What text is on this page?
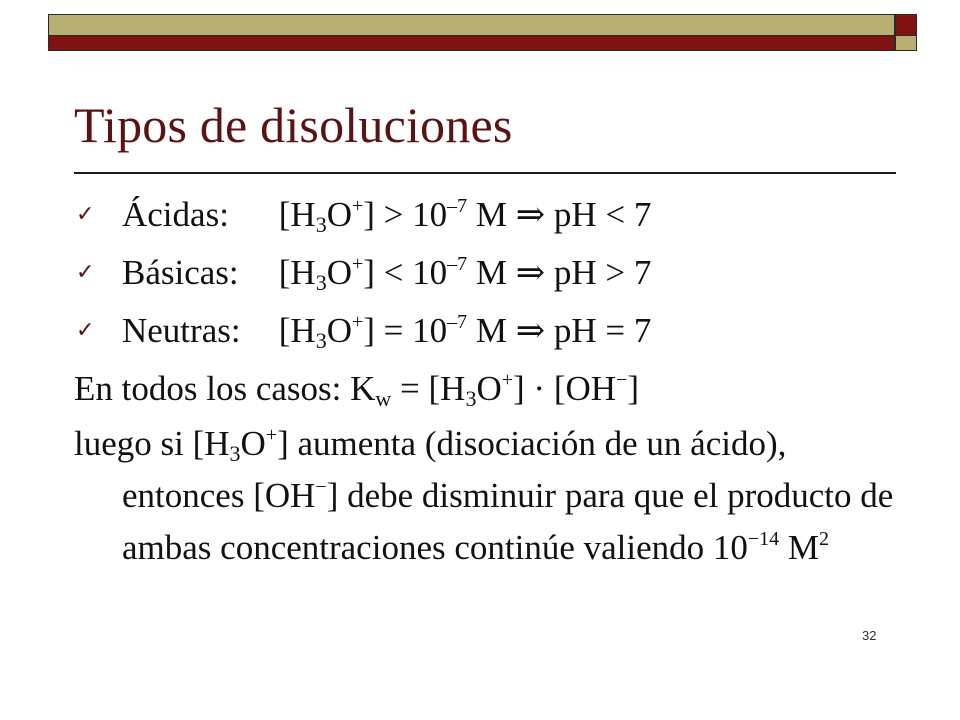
Tipos de disoluciones
✓ Ácidas: $[H_3O^+] > 10^{-7}$ M ⇒ pH < 7
✓ Básicas: $[H_3O^+] < 10^{-7}$ M ⇒ pH > 7
✓ Neutras: $[H_3O^+] = 10^{-7}$ M ⇒ pH = 7
En todos los casos: $K_w = [H_3O^+] \cdot [OH^-]$
luego si $[H_3O^+]$ aumenta (disociación de un ácido), entonces [OH−] debe disminuir para que el producto de ambas concentraciones continúe valiendo $10^{-14}$ $M^2$
32
